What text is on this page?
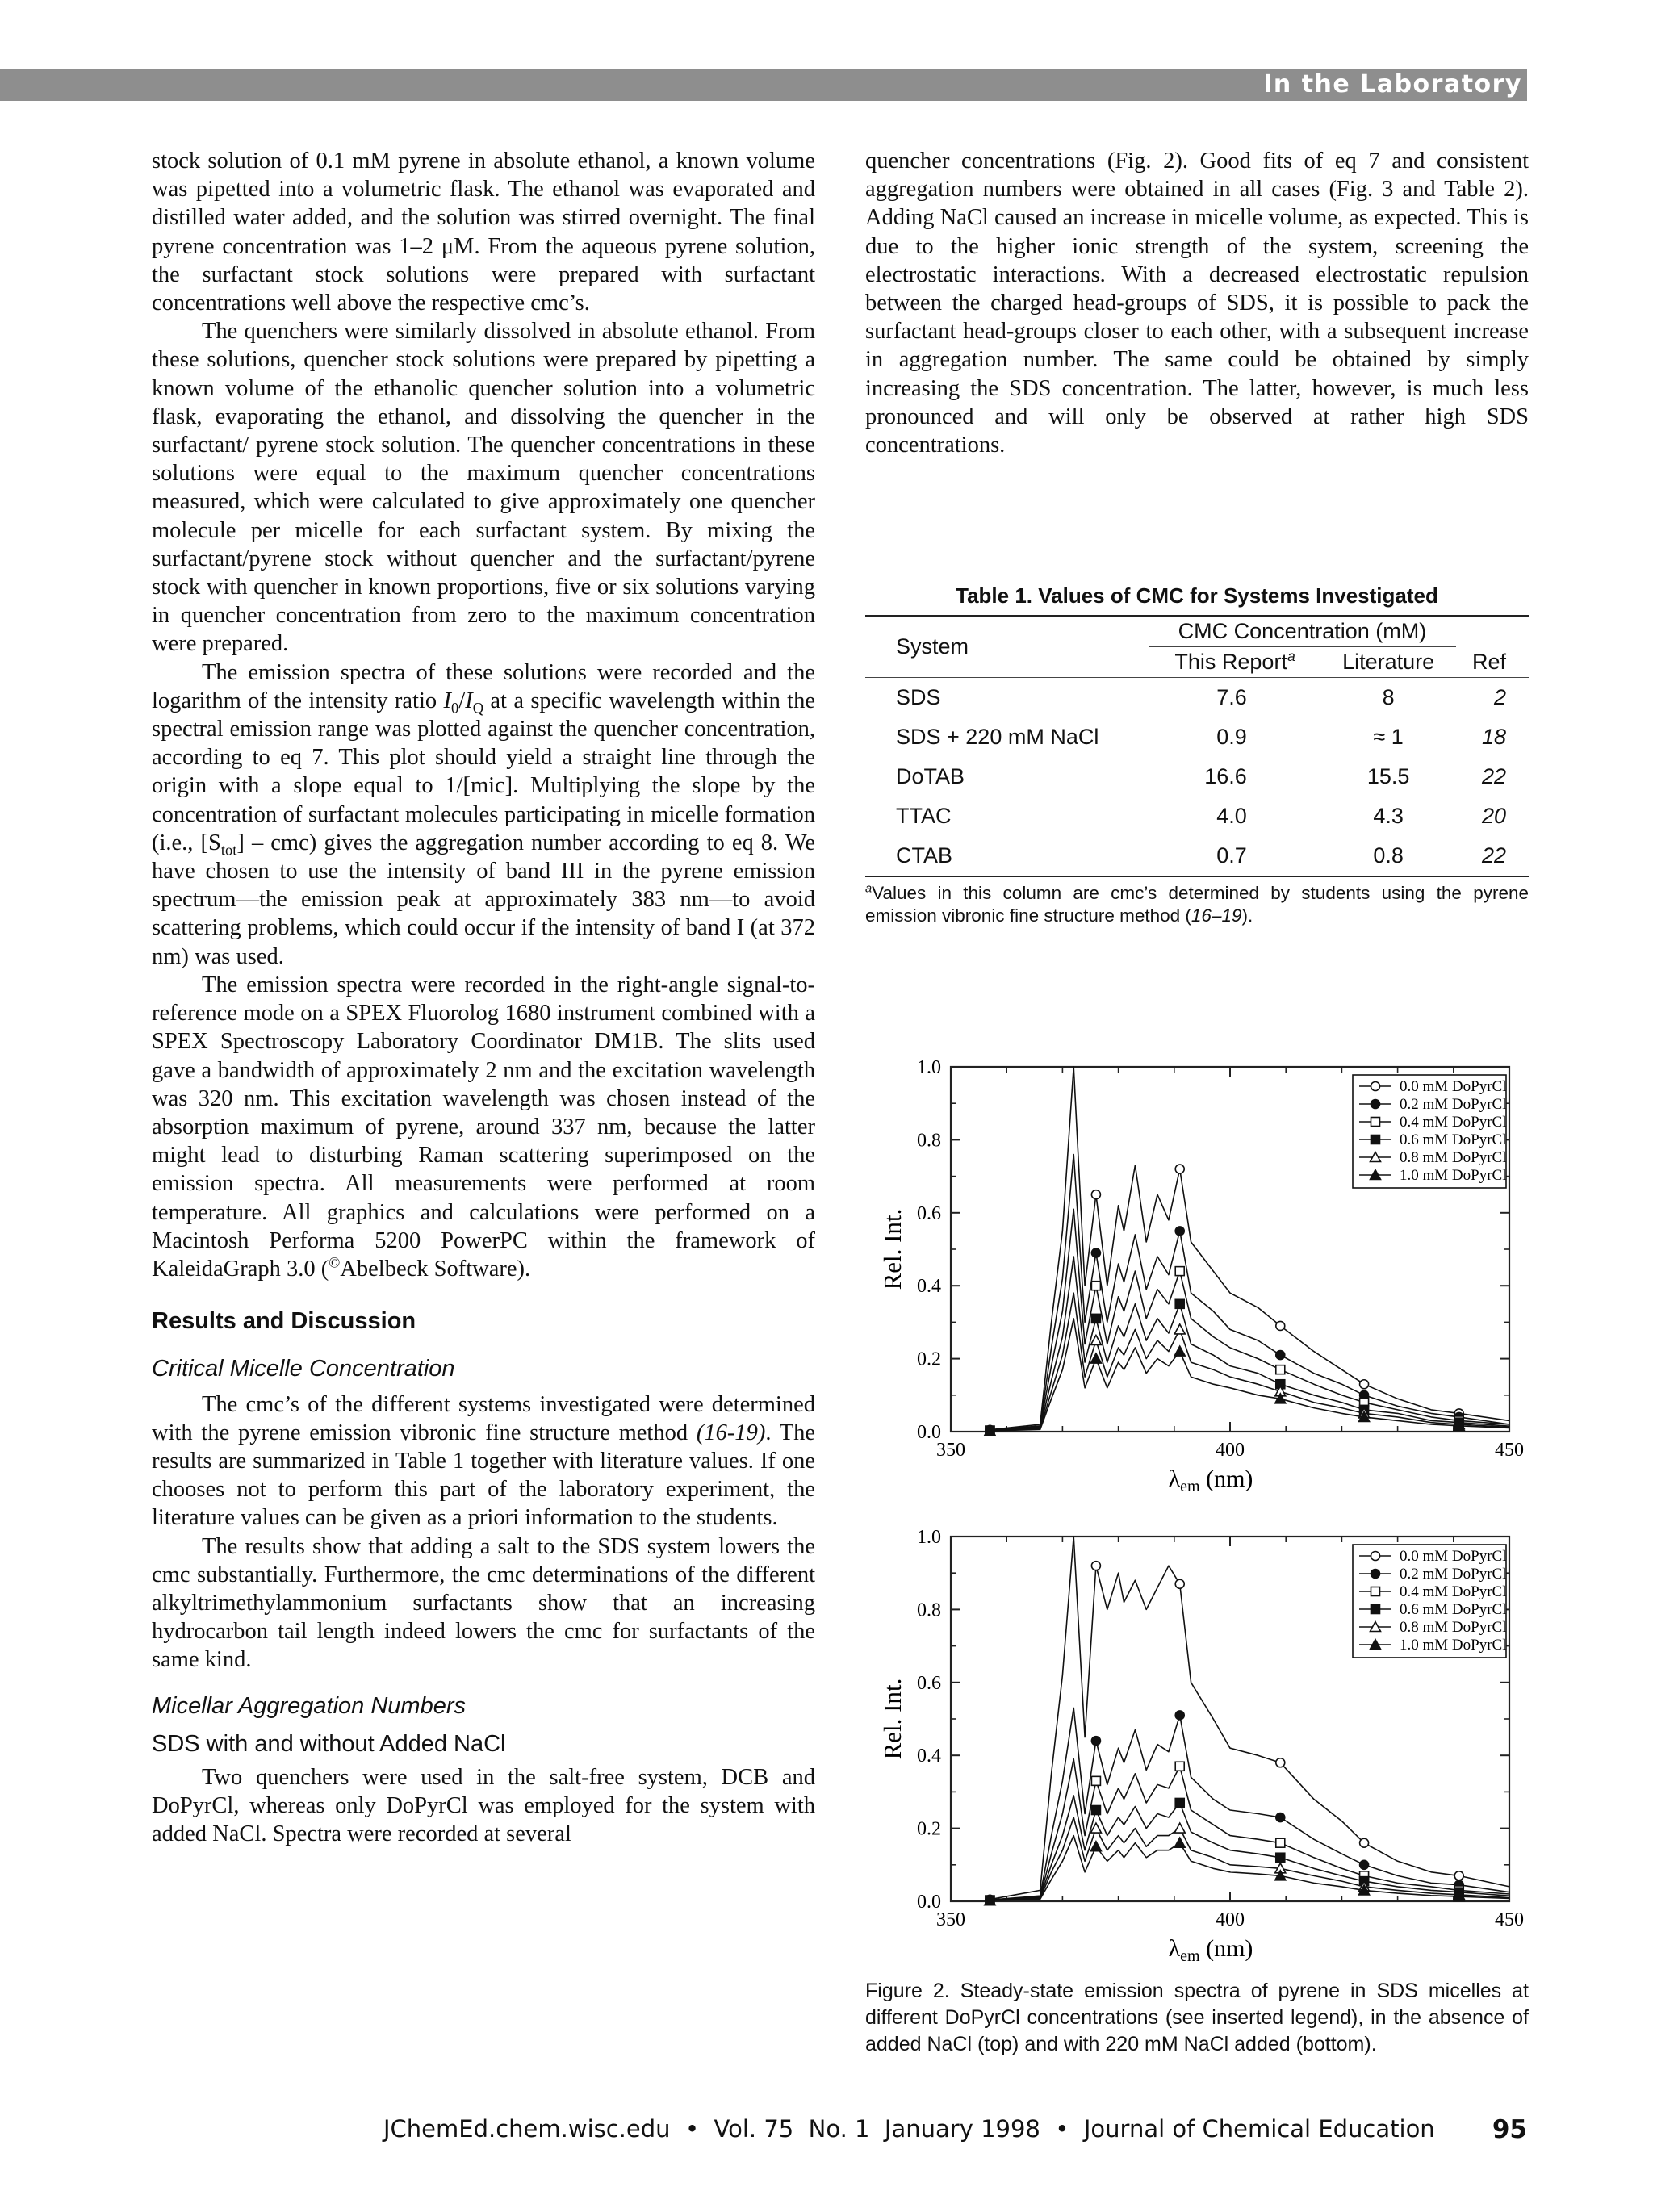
In the Laboratory

stock solution of 0.1 mM pyrene in absolute ethanol, a known volume was pipetted into a volumetric flask. The ethanol was evaporated and distilled water added, and the solution was stirred overnight. The final pyrene concentration was 1–2 μM. From the aqueous pyrene solution, the surfactant stock solutions were prepared with surfactant concentrations well above the respective cmc’s.

The quenchers were similarly dissolved in absolute ethanol. From these solutions, quencher stock solutions were prepared by pipetting a known volume of the ethanolic quencher solution into a volumetric flask, evaporating the ethanol, and dissolving the quencher in the surfactant/ pyrene stock solution. The quencher concentrations in these solutions were equal to the maximum quencher concentrations measured, which were calculated to give approximately one quencher molecule per micelle for each surfactant system. By mixing the surfactant/pyrene stock without quencher and the surfactant/pyrene stock with quencher in known proportions, five or six solutions varying in quencher concentration from zero to the maximum concentration were prepared.

The emission spectra of these solutions were recorded and the logarithm of the intensity ratio $I_0/I_Q$ at a specific wavelength within the spectral emission range was plotted against the quencher concentration, according to eq 7. This plot should yield a straight line through the origin with a slope equal to 1/[mic]. Multiplying the slope by the concentration of surfactant molecules participating in micelle formation (i.e., $[S_{tot}] - cmc$) gives the aggregation number according to eq 8. We have chosen to use the intensity of band III in the pyrene emission spectrum—the emission peak at approximately 383 nm—to avoid scattering problems, which could occur if the intensity of band I (at 372 nm) was used.

The emission spectra were recorded in the right-angle signal-to-reference mode on a SPEX Fluorolog 1680 instrument combined with a SPEX Spectroscopy Laboratory Coordinator DM1B. The slits used gave a bandwidth of approximately 2 nm and the excitation wavelength was 320 nm. This excitation wavelength was chosen instead of the absorption maximum of pyrene, around 337 nm, because the latter might lead to disturbing Raman scattering superimposed on the emission spectra. All measurements were performed at room temperature. All graphics and calculations were performed on a Macintosh Performa 5200 PowerPC within the framework of KaleidaGraph 3.0 (©Abelbeck Software).

Results and Discussion
Critical Micelle Concentration

The cmc’s of the different systems investigated were determined with the pyrene emission vibronic fine structure method (16-19). The results are summarized in Table 1 together with literature values. If one chooses not to perform this part of the laboratory experiment, the literature values can be given as a priori information to the students.

The results show that adding a salt to the SDS system lowers the cmc substantially. Furthermore, the cmc determinations of the different alkyltrimethylammonium surfactants show that an increasing hydrocarbon tail length indeed lowers the cmc for surfactants of the same kind.

Micellar Aggregation Numbers
SDS with and without Added NaCl

Two quenchers were used in the salt-free system, DCB and DoPyrCl, whereas only DoPyrCl was employed for the system with added NaCl. Spectra were recorded at several

quencher concentrations (Fig. 2). Good fits of eq 7 and consistent aggregation numbers were obtained in all cases (Fig. 3 and Table 2). Adding NaCl caused an increase in micelle volume, as expected. This is due to the higher ionic strength of the system, screening the electrostatic interactions. With a decreased electrostatic repulsion between the charged head-groups of SDS, it is possible to pack the surfactant head-groups closer to each other, with a subsequent increase in aggregation number. The same could be obtained by simply increasing the SDS concentration. The latter, however, is much less pronounced and will only be observed at rather high SDS concentrations.

Table 1. Values of CMC for Systems Investigated
System	CMC Concentration (mM)		
	This Report$^a$	Literature	Ref
SDS	7.6	8	2
SDS + 220 mM NaCl	0.9	≈ 1	18
DoTAB	16.6	15.5	22
TTAC	4.0	4.3	20
CTAB	0.7	0.8	22
$^a$Values in this column are cmc’s determined by students using the pyrene emission vibronic fine structure method (16–19).
0.0
0.2
0.4
0.6
0.8
1.0
350	400	450
Rel. Int.
$\lambda_{em}$ (nm)
0.0 mM DoPyrCl
0.2 mM DoPyrCl
0.4 mM DoPyrCl
0.6 mM DoPyrCl
0.8 mM DoPyrCl
1.0 mM DoPyrCl
0.0
0.2
0.4
0.6
0.8
1.0
350	400	450
Rel. Int.
$\lambda_{em}$ (nm)
0.0 mM DoPyrCl
0.2 mM DoPyrCl
0.4 mM DoPyrCl
0.6 mM DoPyrCl
0.8 mM DoPyrCl
1.0 mM DoPyrCl
Figure 2. Steady-state emission spectra of pyrene in SDS micelles at different DoPyrCl concentrations (see inserted legend), in the absence of added NaCl (top) and with 220 mM NaCl added (bottom).
JChemEd.chem.wisc.edu  •  Vol. 75  No. 1  January 1998  •  Journal of Chemical Education 95
